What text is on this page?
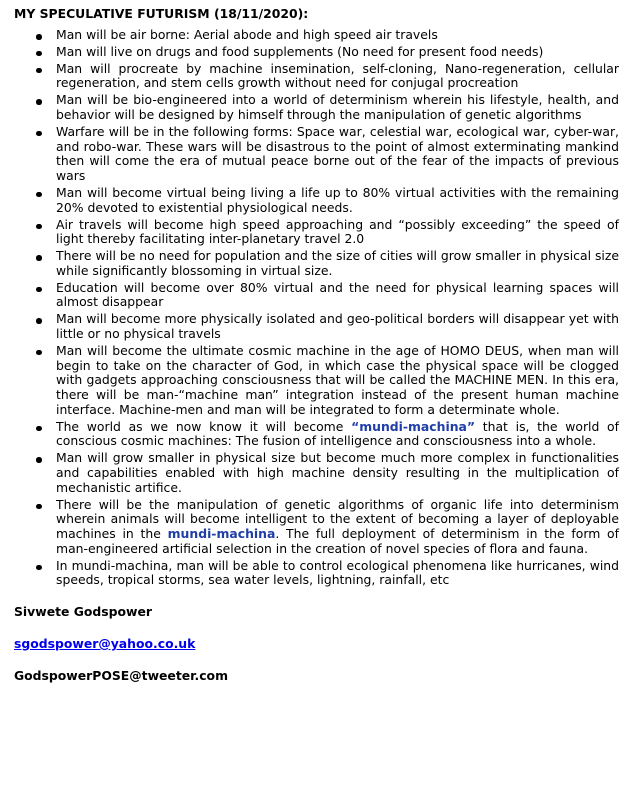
MY SPECULATIVE FUTURISM (18/11/2020):
Man will be air borne: Aerial abode and high speed air travels
Man will live on drugs and food supplements (No need for present food needs)
Man will procreate by machine insemination, self-cloning, Nano-regeneration, cellular regeneration, and stem cells growth without need for conjugal procreation
Man will be bio-engineered into a world of determinism wherein his lifestyle, health, and behavior will be designed by himself through the manipulation of genetic algorithms
Warfare will be in the following forms: Space war, celestial war, ecological war, cyber-war, and robo-war. These wars will be disastrous to the point of almost exterminating mankind then will come the era of mutual peace borne out of the fear of the impacts of previous wars
Man will become virtual being living a life up to 80% virtual activities with the remaining 20% devoted to existential physiological needs.
Air travels will become high speed approaching and “possibly exceeding” the speed of light thereby facilitating inter-planetary travel 2.0
There will be no need for population and the size of cities will grow smaller in physical size while significantly blossoming in virtual size.
Education will become over 80% virtual and the need for physical learning spaces will almost disappear
Man will become more physically isolated and geo-political borders will disappear yet with little or no physical travels
Man will become the ultimate cosmic machine in the age of HOMO DEUS, when man will begin to take on the character of God, in which case the physical space will be clogged with gadgets approaching consciousness that will be called the MACHINE MEN. In this era, there will be man-“machine man” integration instead of the present human machine interface. Machine-men and man will be integrated to form a determinate whole.
The world as we now know it will become “mundi-machina” that is, the world of conscious cosmic machines: The fusion of intelligence and consciousness into a whole.
Man will grow smaller in physical size but become much more complex in functionalities and capabilities enabled with high machine density resulting in the multiplication of mechanistic artifice.
There will be the manipulation of genetic algorithms of organic life into determinism wherein animals will become intelligent to the extent of becoming a layer of deployable machines in the mundi-machina. The full deployment of determinism in the form of man-engineered artificial selection in the creation of novel species of flora and fauna.
In mundi-machina, man will be able to control ecological phenomena like hurricanes, wind speeds, tropical storms, sea water levels, lightning, rainfall, etc
Sivwete Godspower
sgodspower@yahoo.co.uk
GodspowerPOSE@tweeter.com
